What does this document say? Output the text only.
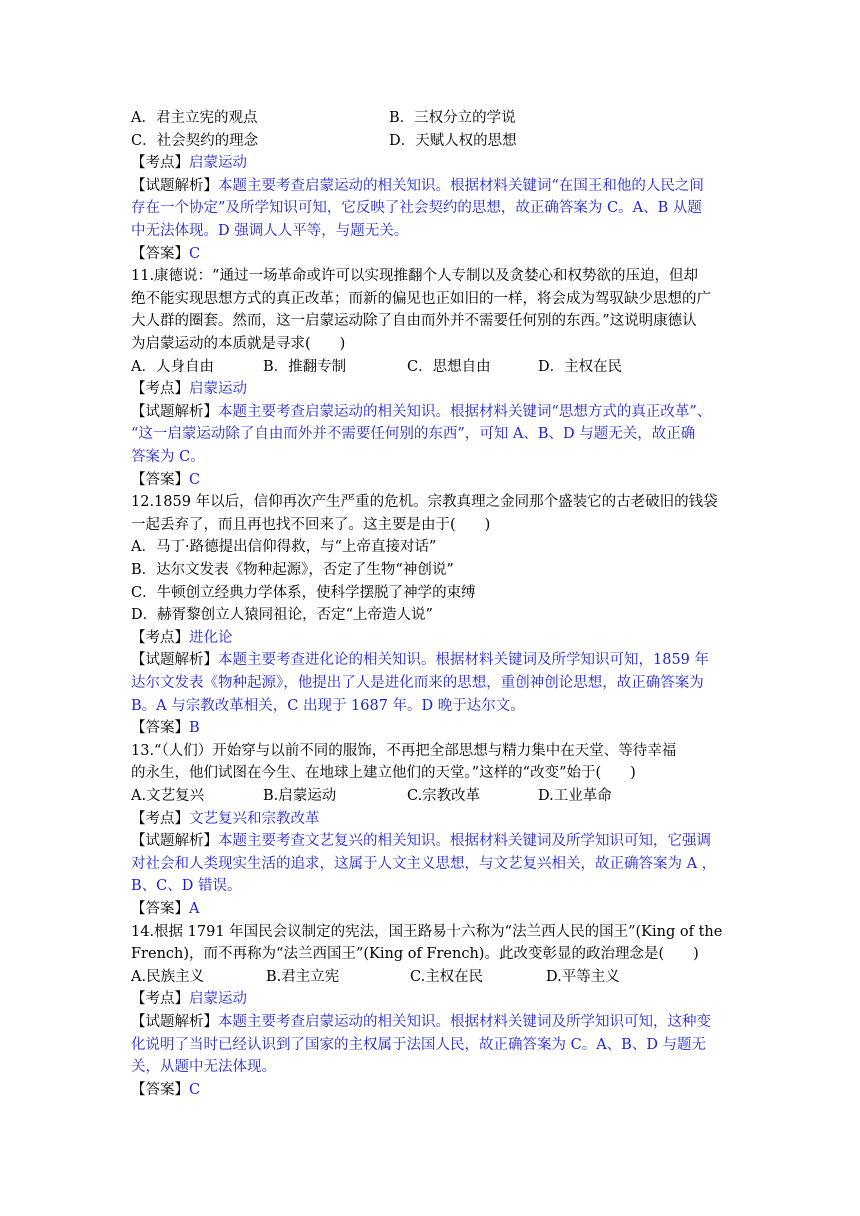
A．君主立宪的观点	B．三权分立的学说
C．社会契约的理念	D．天赋人权的思想
【考点】启蒙运动
【试题解析】本题主要考查启蒙运动的相关知识。根据材料关键词“在国王和他的人民之间
存在一个协定”及所学知识可知，它反映了社会契约的思想，故正确答案为 C。A、B 从题
中无法体现。D 强调人人平等，与题无关。
【答案】C
11.康德说：“通过一场革命或许可以实现推翻个人专制以及贪婪心和权势欲的压迫，但却
绝不能实现思想方式的真正改革；而新的偏见也正如旧的一样，将会成为驾驭缺少思想的广
大人群的圈套。然而，这一启蒙运动除了自由而外并不需要任何别的东西。”这说明康德认
为启蒙运动的本质就是寻求(　　)
A．人身自由	B．推翻专制	C．思想自由	D．主权在民
【考点】启蒙运动
【试题解析】本题主要考查启蒙运动的相关知识。根据材料关键词“思想方式的真正改革”、
“这一启蒙运动除了自由而外并不需要任何别的东西”，可知 A、B、D 与题无关，故正确
答案为 C。
【答案】C
12.1859 年以后，信仰再次产生严重的危机。宗教真理之金同那个盛装它的古老破旧的钱袋
一起丢弃了，而且再也找不回来了。这主要是由于(　　)
A．马丁·路德提出信仰得救，与“上帝直接对话”
B．达尔文发表《物种起源》，否定了生物“神创说”
C．牛顿创立经典力学体系，使科学摆脱了神学的束缚
D．赫胥黎创立人猿同祖论，否定“上帝造人说”
【考点】进化论
【试题解析】本题主要考查进化论的相关知识。根据材料关键词及所学知识可知，1859 年
达尔文发表《物种起源》，他提出了人是进化而来的思想，重创神创论思想，故正确答案为
B。A 与宗教改革相关，C 出现于 1687 年。D 晚于达尔文。
【答案】B
13.“（人们）开始穿与以前不同的服饰，不再把全部思想与精力集中在天堂、等待幸福
的永生，他们试图在今生、在地球上建立他们的天堂。”这样的“改变”始于(　　)
A.文艺复兴	B.启蒙运动	C.宗教改革	D.工业革命
【考点】文艺复兴和宗教改革
【试题解析】本题主要考查文艺复兴的相关知识。根据材料关键词及所学知识可知，它强调
对社会和人类现实生活的追求，这属于人文主义思想，与文艺复兴相关，故正确答案为 A ，
B、C、D 错误。
【答案】A
14.根据 1791 年国民会议制定的宪法，国王路易十六称为“法兰西人民的国王”(King of the
French)，而不再称为“法兰西国王”(King of French)。此改变彰显的政治理念是(　　)
A.民族主义	B.君主立宪	C.主权在民	D.平等主义
【考点】启蒙运动
【试题解析】本题主要考查启蒙运动的相关知识。根据材料关键词及所学知识可知，这种变
化说明了当时已经认识到了国家的主权属于法国人民，故正确答案为 C。A、B、D 与题无
关，从题中无法体现。
【答案】C
